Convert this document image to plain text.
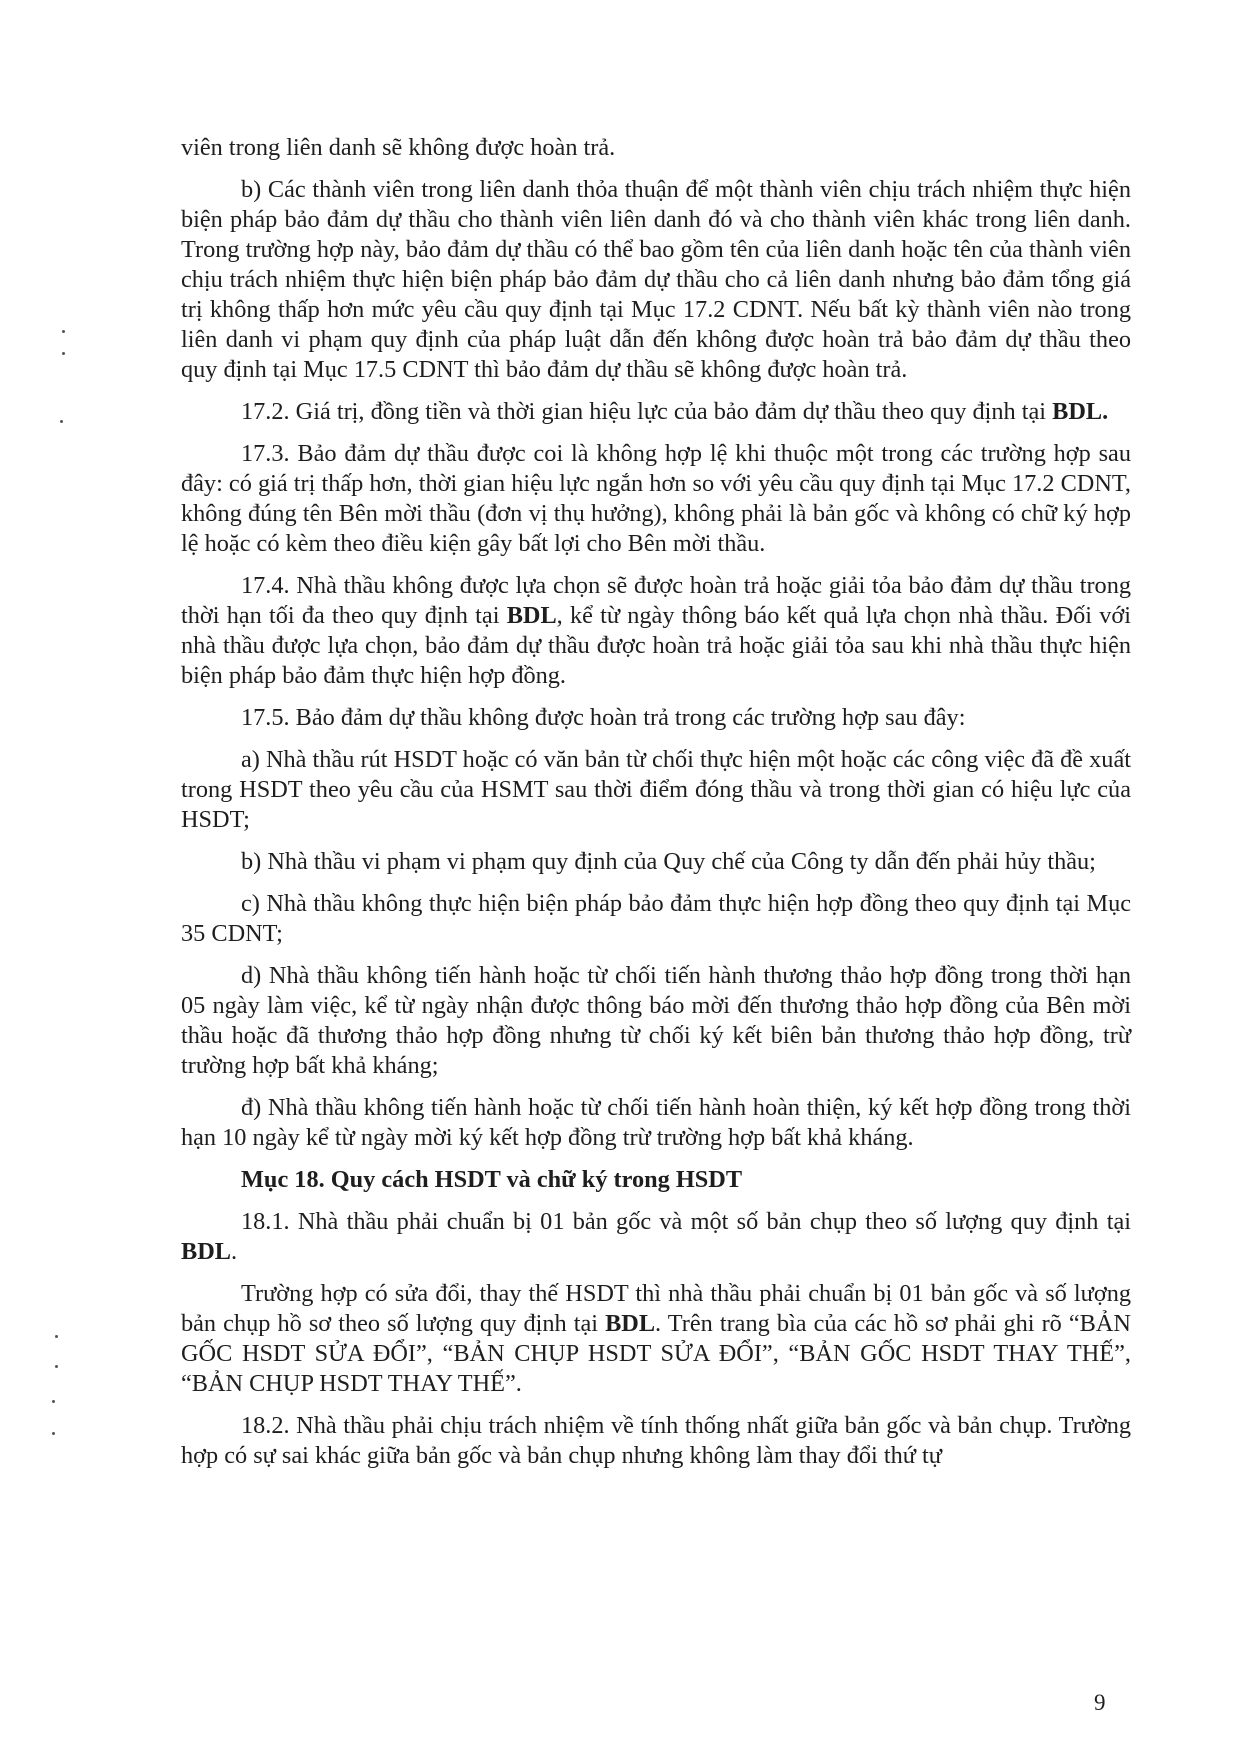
viên trong liên danh sẽ không được hoàn trả.

b) Các thành viên trong liên danh thỏa thuận để một thành viên chịu trách nhiệm thực hiện biện pháp bảo đảm dự thầu cho thành viên liên danh đó và cho thành viên khác trong liên danh. Trong trường hợp này, bảo đảm dự thầu có thể bao gồm tên của liên danh hoặc tên của thành viên chịu trách nhiệm thực hiện biện pháp bảo đảm dự thầu cho cả liên danh nhưng bảo đảm tổng giá trị không thấp hơn mức yêu cầu quy định tại Mục 17.2 CDNT. Nếu bất kỳ thành viên nào trong liên danh vi phạm quy định của pháp luật dẫn đến không được hoàn trả bảo đảm dự thầu theo quy định tại Mục 17.5 CDNT thì bảo đảm dự thầu sẽ không được hoàn trả.

17.2. Giá trị, đồng tiền và thời gian hiệu lực của bảo đảm dự thầu theo quy định tại BDL.

17.3. Bảo đảm dự thầu được coi là không hợp lệ khi thuộc một trong các trường hợp sau đây: có giá trị thấp hơn, thời gian hiệu lực ngắn hơn so với yêu cầu quy định tại Mục 17.2 CDNT, không đúng tên Bên mời thầu (đơn vị thụ hưởng), không phải là bản gốc và không có chữ ký hợp lệ hoặc có kèm theo điều kiện gây bất lợi cho Bên mời thầu.

17.4. Nhà thầu không được lựa chọn sẽ được hoàn trả hoặc giải tỏa bảo đảm dự thầu trong thời hạn tối đa theo quy định tại BDL, kể từ ngày thông báo kết quả lựa chọn nhà thầu. Đối với nhà thầu được lựa chọn, bảo đảm dự thầu được hoàn trả hoặc giải tỏa sau khi nhà thầu thực hiện biện pháp bảo đảm thực hiện hợp đồng.

17.5. Bảo đảm dự thầu không được hoàn trả trong các trường hợp sau đây:

a) Nhà thầu rút HSDT hoặc có văn bản từ chối thực hiện một hoặc các công việc đã đề xuất trong HSDT theo yêu cầu của HSMT sau thời điểm đóng thầu và trong thời gian có hiệu lực của HSDT;

b) Nhà thầu vi phạm vi phạm quy định của Quy chế của Công ty dẫn đến phải hủy thầu;

c) Nhà thầu không thực hiện biện pháp bảo đảm thực hiện hợp đồng theo quy định tại Mục 35 CDNT;

d) Nhà thầu không tiến hành hoặc từ chối tiến hành thương thảo hợp đồng trong thời hạn 05 ngày làm việc, kể từ ngày nhận được thông báo mời đến thương thảo hợp đồng của Bên mời thầu hoặc đã thương thảo hợp đồng nhưng từ chối ký kết biên bản thương thảo hợp đồng, trừ trường hợp bất khả kháng;

đ) Nhà thầu không tiến hành hoặc từ chối tiến hành hoàn thiện, ký kết hợp đồng trong thời hạn 10 ngày kể từ ngày mời ký kết hợp đồng trừ trường hợp bất khả kháng.

Mục 18. Quy cách HSDT và chữ ký trong HSDT

18.1. Nhà thầu phải chuẩn bị 01 bản gốc và một số bản chụp theo số lượng quy định tại BDL.

Trường hợp có sửa đổi, thay thế HSDT thì nhà thầu phải chuẩn bị 01 bản gốc và số lượng bản chụp hồ sơ theo số lượng quy định tại BDL. Trên trang bìa của các hồ sơ phải ghi rõ “BẢN GỐC HSDT SỬA ĐỔI”, “BẢN CHỤP HSDT SỬA ĐỔI”, “BẢN GỐC HSDT THAY THẾ”, “BẢN CHỤP HSDT THAY THẾ”.

18.2. Nhà thầu phải chịu trách nhiệm về tính thống nhất giữa bản gốc và bản chụp. Trường hợp có sự sai khác giữa bản gốc và bản chụp nhưng không làm thay đổi thứ tự

9
